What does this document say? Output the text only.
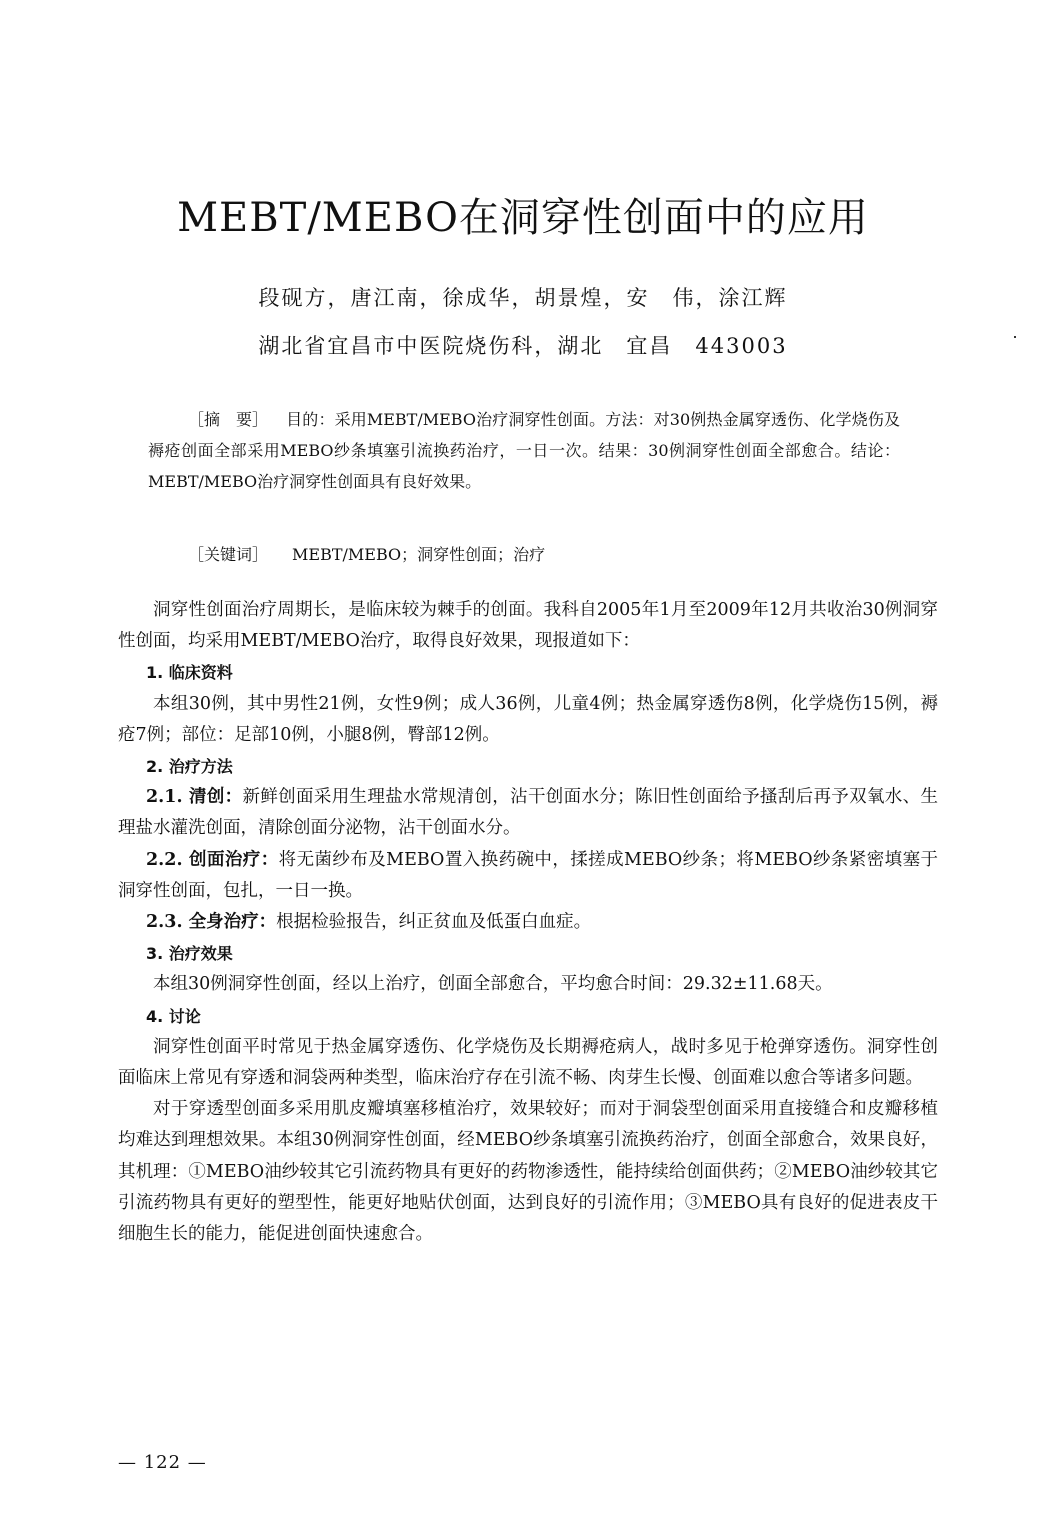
MEBT/MEBO在洞穿性创面中的应用
段砚方，唐江南，徐成华，胡景煌，安　伟，涂江辉
湖北省宜昌市中医院烧伤科，湖北　宜昌　443003
［摘　要］ 目的：采用MEBT/MEBO治疗洞穿性创面。方法：对30例热金属穿透伤、化学烧伤及褥疮创面全部采用MEBO纱条填塞引流换药治疗，一日一次。结果：30例洞穿性创面全部愈合。结论：MEBT/MEBO治疗洞穿性创面具有良好效果。
［关键词］ MEBT/MEBO；洞穿性创面；治疗

洞穿性创面治疗周期长，是临床较为棘手的创面。我科自2005年1月至2009年12月共收治30例洞穿性创面，均采用MEBT/MEBO治疗，取得良好效果，现报道如下：

1. 临床资料

本组30例，其中男性21例，女性9例；成人36例，儿童4例；热金属穿透伤8例，化学烧伤15例，褥疮7例；部位：足部10例，小腿8例，臀部12例。

2. 治疗方法

2.1. 清创：新鲜创面采用生理盐水常规清创，沾干创面水分；陈旧性创面给予搔刮后再予双氧水、生理盐水灌洗创面，清除创面分泌物，沾干创面水分。

2.2. 创面治疗：将无菌纱布及MEBO置入换药碗中，揉搓成MEBO纱条；将MEBO纱条紧密填塞于洞穿性创面，包扎，一日一换。

2.3. 全身治疗：根据检验报告，纠正贫血及低蛋白血症。

3. 治疗效果

本组30例洞穿性创面，经以上治疗，创面全部愈合，平均愈合时间：29.32±11.68天。

4. 讨论

洞穿性创面平时常见于热金属穿透伤、化学烧伤及长期褥疮病人，战时多见于枪弹穿透伤。洞穿性创面临床上常见有穿透和洞袋两种类型，临床治疗存在引流不畅、肉芽生长慢、创面难以愈合等诸多问题。

对于穿透型创面多采用肌皮瓣填塞移植治疗，效果较好；而对于洞袋型创面采用直接缝合和皮瓣移植均难达到理想效果。本组30例洞穿性创面，经MEBO纱条填塞引流换药治疗，创面全部愈合，效果良好，其机理：①MEBO油纱较其它引流药物具有更好的药物渗透性，能持续给创面供药；②MEBO油纱较其它引流药物具有更好的塑型性，能更好地贴伏创面，达到良好的引流作用；③MEBO具有良好的促进表皮干细胞生长的能力，能促进创面快速愈合。

— 122 —
